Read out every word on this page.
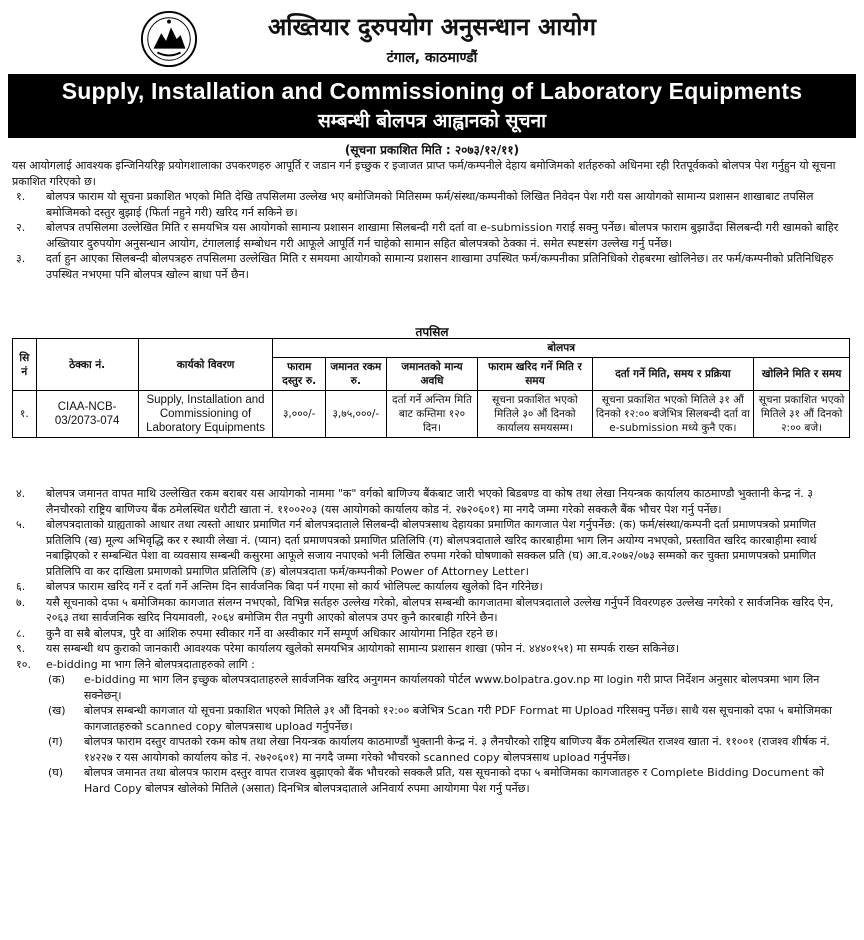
अख्तियार दुरुपयोग अनुसन्धान आयोग
टंगाल, काठमाण्डौं
Supply, Installation and Commissioning of Laboratory Equipments
सम्बन्धी बोलपत्र आह्वानको सूचना
(सूचना प्रकाशित मिति : २०७३/१२/११)

यस आयोगलाई आवश्यक इन्जिनियरिङ्ग प्रयोगशालाका उपकरणहरु आपूर्ति र जडान गर्न इच्छुक र इजाजत प्राप्त फर्म/कम्पनीले देहाय बमोजिमको शर्तहरुको अधिनमा रही रितपूर्वकको बोलपत्र पेश गर्नुहुन यो सूचना प्रकाशित गरिएको छ।

१.	बोलपत्र फाराम यो सूचना प्रकाशित भएको मिति देखि तपसिलमा उल्लेख भए बमोजिमको मितिसम्म फर्म/संस्था/कम्पनीको लिखित निवेदन पेश गरी यस आयोगको सामान्य प्रशासन शाखाबाट तपसिल बमोजिमको दस्तुर बुझाई (फिर्ता नहुने गरी) खरिद गर्न सकिने छ।
२.	बोलपत्र तपसिलमा उल्लेखित मिति र समयभित्र यस आयोगको सामान्य प्रशासन शाखामा सिलबन्दी गरी दर्ता वा e-submission गराई सक्नु पर्नेछ। बोलपत्र फाराम बुझाउँदा सिलबन्दी गरी खामको बाहिर अख्तियार दुरुपयोग अनुसन्धान आयोग, टंगाललाई सम्बोधन गरी आफूले आपूर्ति गर्न चाहेको सामान सहित बोलपत्रको ठेक्का नं. समेत स्पष्टसंग उल्लेख गर्नु पर्नेछ।
३.	दर्ता हुन आएका सिलबन्दी बोलपत्रहरु तपसिलमा उल्लेखित मिति र समयमा आयोगको सामान्य प्रशासन शाखामा उपस्थित फर्म/कम्पनीका प्रतिनिधिको रोहबरमा खोलिनेछ। तर फर्म/कम्पनीको प्रतिनिधिहरु उपस्थित नभएमा पनि बोलपत्र खोल्न बाधा पर्ने छैन।
तपसिल
सि नं	ठेक्का नं.	कार्यको विवरण	बोलपत्र					
			फाराम दस्तुर रु.	जमानत रकम रु.	जमानतको मान्य अवधि	फाराम खरिद गर्ने मिति र समय	दर्ता गर्ने मिति, समय र प्रक्रिया	खोलिने मिति र समय
१.	CIAA-NCB-03/2073-074	Supply, Installation and Commissioning of Laboratory Equipments	३,०००/-	३,७५,०००/-	दर्ता गर्ने अन्तिम मिति बाट कम्तिमा १२० दिन।	सूचना प्रकाशित भएको मितिले ३० औं दिनको कार्यालय समयसम्म।	सूचना प्रकाशित भएको मितिले ३१ औं दिनको १२:०० बजेभित्र सिलबन्दी दर्ता वा e-submission मध्ये कुनै एक।	सूचना प्रकाशित भएको मितिले ३१ औं दिनको २:०० बजे।
४.	बोलपत्र जमानत वापत माथि उल्लेखित रकम बराबर यस आयोगको नाममा "क" वर्गको बाणिज्य बैंकबाट जारी भएको बिडबण्ड वा कोष तथा लेखा नियन्त्रक कार्यालय काठमाण्डौ भुक्तानी केन्द्र नं. ३ लैनचौरको राष्ट्रिय बाणिज्य बैंक ठमेलस्थित धरौटी खाता नं. ११००२०३ (यस आयोगको कार्यालय कोड नं. २७२०६०१) मा नगदै जम्मा गरेको सक्कलै बैंक भौचर पेश गर्नु पर्नेछ।
५.	बोलपत्रदाताको ग्राह्यताको आधार तथा त्यस्तो आधार प्रमाणित गर्न बोलपत्रदाताले सिलबन्दी बोलपत्रसाथ देहायका प्रमाणित कागजात पेश गर्नुपर्नेछ: (क) फर्म/संस्था/कम्पनी दर्ता प्रमाणपत्रको प्रमाणित प्रतिलिपि (ख) मूल्य अभिवृद्धि कर र स्थायी लेखा नं. (प्यान) दर्ता प्रमाणपत्रको प्रमाणित प्रतिलिपि (ग) बोलपत्रदाताले खरिद कारबाहीमा भाग लिन अयोग्य नभएको, प्रस्तावित खरिद कारबाहीमा स्वार्थ नबाझिएको र सम्बन्धित पेशा वा व्यवसाय सम्बन्धी कसुरमा आफूले सजाय नपाएको भनी लिखित रुपमा गरेको घोषणाको सक्कल प्रति (घ) आ.व.२०७२/०७३ सम्मको कर चुक्ता प्रमाणपत्रको प्रमाणित प्रतिलिपि वा कर दाखिला प्रमाणको प्रमाणित प्रतिलिपि (ङ) बोलपत्रदाता फर्म/कम्पनीको Power of Attorney Letter।
६.	बोलपत्र फाराम खरिद गर्ने र दर्ता गर्ने अन्तिम दिन सार्वजनिक बिदा पर्न गएमा सो कार्य भोलिपल्ट कार्यालय खुलेको दिन गरिनेछ।
७.	यसै सूचनाको दफा ५ बमोजिमका कागजात संलग्न नभएको, विभिन्न सर्तहरु उल्लेख गरेको, बोलपत्र सम्बन्धी कागजातमा बोलपत्रदाताले उल्लेख गर्नुपर्ने विवरणहरु उल्लेख नगरेको र सार्वजनिक खरिद ऐन, २०६३ तथा सार्वजनिक खरिद नियमावली, २०६४ बमोजिम रीत नपुगी आएको बोलपत्र उपर कुनै कारबाही गरिने छैन।
८.	कुनै वा सबै बोलपत्र, पुरै वा आंशिक रुपमा स्वीकार गर्ने वा अस्वीकार गर्ने सम्पूर्ण अधिकार आयोगमा निहित रहने छ।
९.	यस सम्बन्धी थप कुराको जानकारी आवश्यक परेमा कार्यालय खुलेको समयभित्र आयोगको सामान्य प्रशासन शाखा (फोन नं. ४४४०१५१) मा सम्पर्क राख्न सकिनेछ।
१०.	e-bidding मा भाग लिने बोलपत्रदाताहरुको लागि :
(क)	e-bidding मा भाग लिन इच्छुक बोलपत्रदाताहरुले सार्वजनिक खरिद अनुगमन कार्यालयको पोर्टल www.bolpatra.gov.np मा login गरी प्राप्त निर्देशन अनुसार बोलपत्रमा भाग लिन सक्नेछन्।
(ख)	बोलपत्र सम्बन्धी कागजात यो सूचना प्रकाशित भएको मितिले ३१ औं दिनको १२:०० बजेभित्र Scan गरी PDF Format मा Upload गरिसक्नु पर्नेछ। साथै यस सूचनाको दफा ५ बमोजिमका कागजातहरुको scanned copy बोलपत्रसाथ upload गर्नुपर्नेछ।
(ग)	बोलपत्र फाराम दस्तुर वापतको रकम कोष तथा लेखा नियन्त्रक कार्यालय काठमाण्डौं भुक्तानी केन्द्र नं. ३ लैनचौरको राष्ट्रिय बाणिज्य बैंक ठमेलस्थित राजश्व खाता नं. ११००१ (राजश्व शीर्षक नं. १४२२७ र यस आयोगको कार्यालय कोड नं. २७२०६०१) मा नगदै जम्मा गरेको भौचरको scanned copy बोलपत्रसाथ upload गर्नुपर्नेछ।
(घ)	बोलपत्र जमानत तथा बोलपत्र फाराम दस्तुर वापत राजश्व बुझाएको बैंक भौचरको सक्कलै प्रति, यस सूचनाको दफा ५ बमोजिमका कागजातहरु र Complete Bidding Document को Hard Copy बोलपत्र खोलेको मितिले (असात) दिनभित्र बोलपत्रदाताले अनिवार्य रुपमा आयोगमा पेश गर्नु पर्नेछ।
